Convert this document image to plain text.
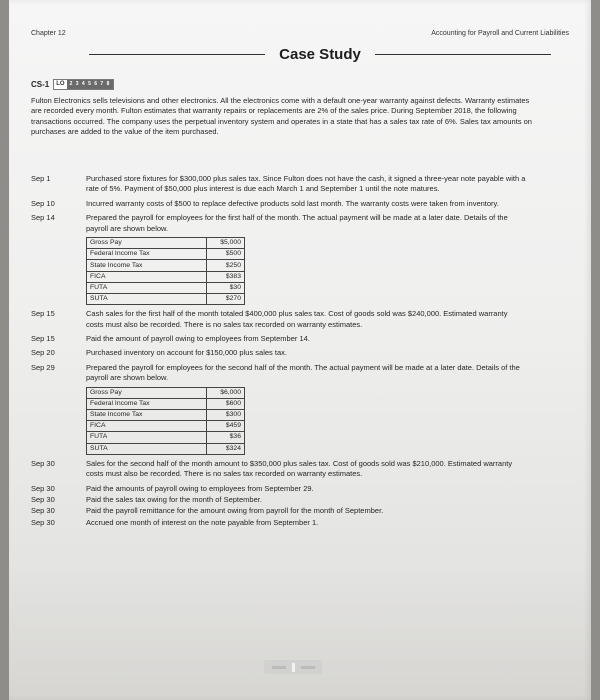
Chapter 12	Accounting for Payroll and Current Liabilities
Case Study
CS-1	LO	2 3 4 5 6 7 8

Fulton Electronics sells televisions and other electronics. All the electronics come with a default one-year warranty against defects. Warranty estimates are recorded every month. Fulton estimates that warranty repairs or replacements are 2% of the sales price. During September 2018, the following transactions occurred. The company uses the perpetual inventory system and operates in a state that has a sales tax rate of 6%. Sales tax amounts on purchases are added to the value of the item purchased.

Sep 1	Purchased store fixtures for $300,000 plus sales tax. Since Fulton does not have the cash, it signed a three-year note payable with a rate of 5%. Payment of $50,000 plus interest is due each March 1 and September 1 until the note matures.
Sep 10	Incurred warranty costs of $500 to replace defective products sold last month. The warranty costs were taken from inventory.
Sep 14	Prepared the payroll for employees for the first half of the month. The actual payment will be made at a later date. Details of the payroll are shown below.
Gross Pay	$5,000
Federal Income Tax	$500
State Income Tax	$250
FICA	$383
FUTA	$30
SUTA	$270
Sep 15	Cash sales for the first half of the month totaled $400,000 plus sales tax. Cost of goods sold was $240,000. Estimated warranty costs must also be recorded. There is no sales tax recorded on warranty estimates.
Sep 15	Paid the amount of payroll owing to employees from September 14.
Sep 20	Purchased inventory on account for $150,000 plus sales tax.
Sep 29	Prepared the payroll for employees for the second half of the month. The actual payment will be made at a later date. Details of the payroll are shown below.
Gross Pay	$6,000
Federal Income Tax	$600
State Income Tax	$300
FICA	$459
FUTA	$36
SUTA	$324
Sep 30	Sales for the second half of the month amount to $350,000 plus sales tax. Cost of goods sold was $210,000. Estimated warranty costs must also be recorded. There is no sales tax recorded on warranty estimates.
Sep 30	Paid the amounts of payroll owing to employees from September 29.
Sep 30	Paid the sales tax owing for the month of September.
Sep 30	Paid the payroll remittance for the amount owing from payroll for the month of September.
Sep 30	Accrued one month of interest on the note payable from September 1.
